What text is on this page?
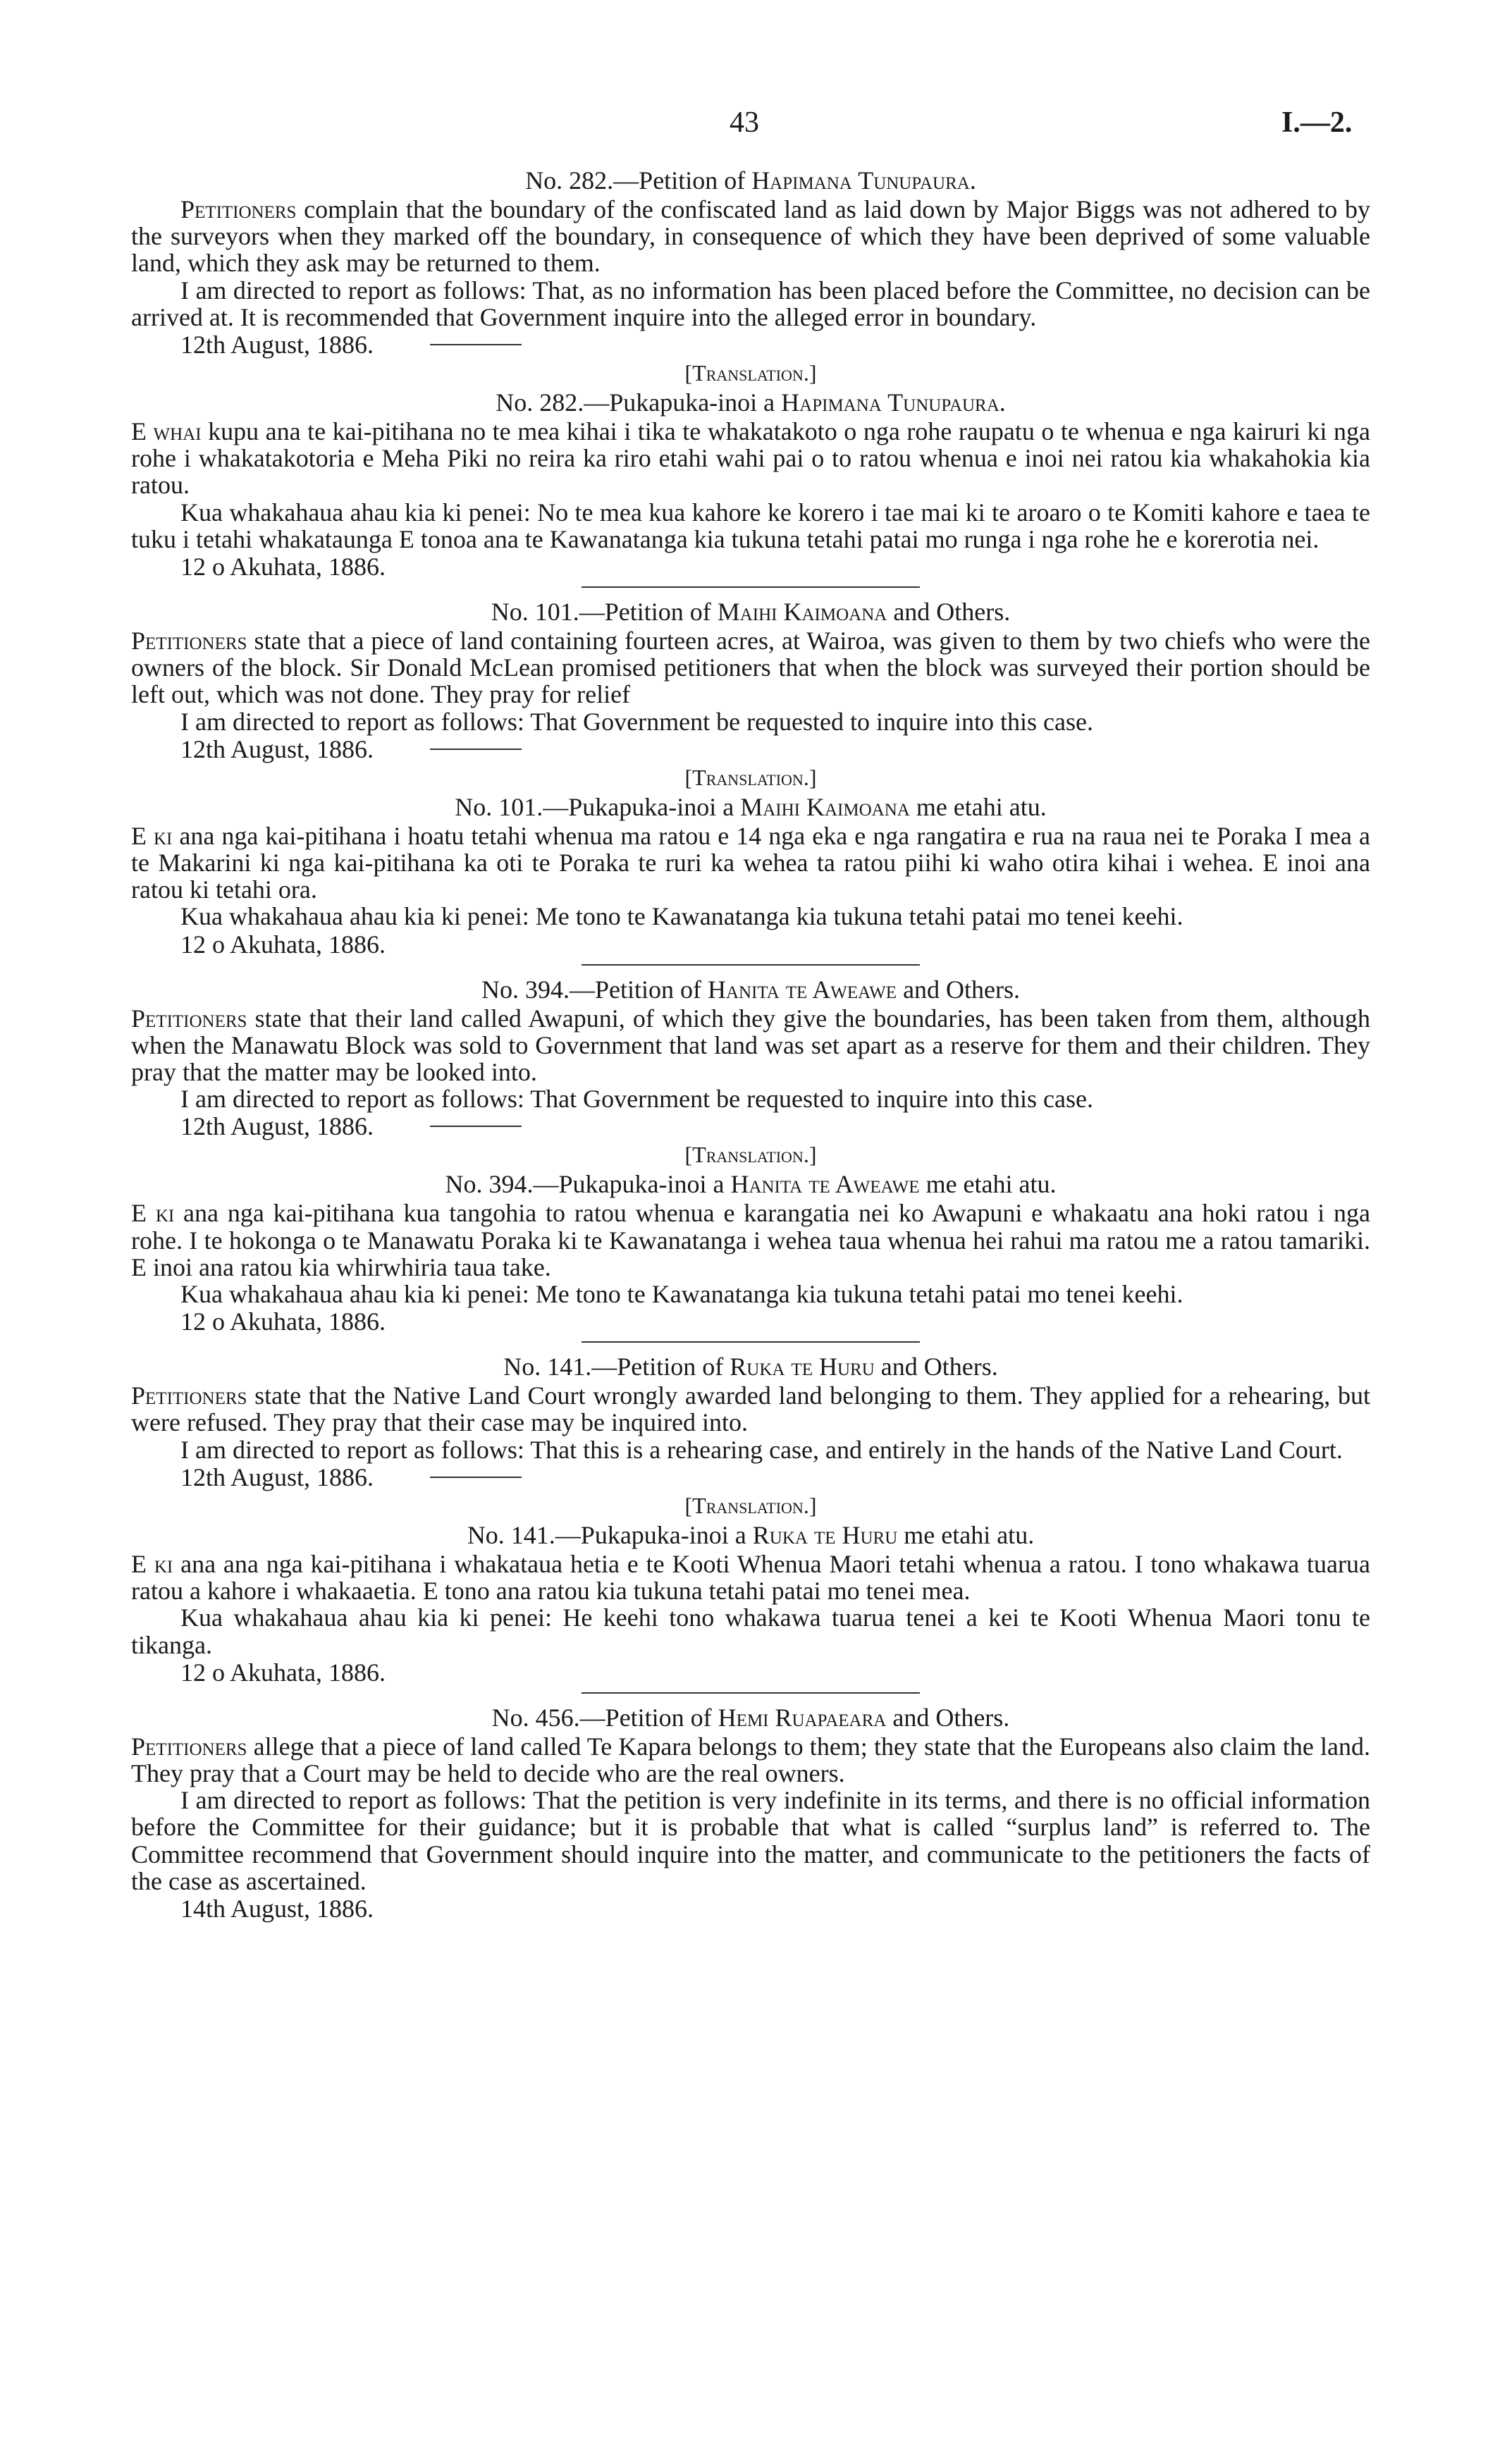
43	I.—2.

No. 282.—Petition of Hapimana Tunupaura.

Petitioners complain that the boundary of the confiscated land as laid down by Major Biggs was not adhered to by the surveyors when they marked off the boundary, in consequence of which they have been deprived of some valuable land, which they ask may be returned to them.

I am directed to report as follows: That, as no information has been placed before the Committee, no decision can be arrived at. It is recommended that Government inquire into the alleged error in boundary.

12th August, 1886.

[Translation.]

No. 282.—Pukapuka-inoi a Hapimana Tunupaura.

E whai kupu ana te kai-pitihana no te mea kihai i tika te whakatakoto o nga rohe raupatu o te whenua e nga kairuri ki nga rohe i whakatakotoria e Meha Piki no reira ka riro etahi wahi pai o to ratou whenua e inoi nei ratou kia whakahokia kia ratou.

Kua whakahaua ahau kia ki penei: No te mea kua kahore ke korero i tae mai ki te aroaro o te Komiti kahore e taea te tuku i tetahi whakataunga E tonoa ana te Kawanatanga kia tukuna tetahi patai mo runga i nga rohe he e korerotia nei.

12 o Akuhata, 1886.

No. 101.—Petition of Maihi Kaimoana and Others.

Petitioners state that a piece of land containing fourteen acres, at Wairoa, was given to them by two chiefs who were the owners of the block. Sir Donald McLean promised petitioners that when the block was surveyed their portion should be left out, which was not done. They pray for relief

I am directed to report as follows: That Government be requested to inquire into this case.

12th August, 1886.

[Translation.]

No. 101.—Pukapuka-inoi a Maihi Kaimoana me etahi atu.

E ki ana nga kai-pitihana i hoatu tetahi whenua ma ratou e 14 nga eka e nga rangatira e rua na raua nei te Poraka I mea a te Makarini ki nga kai-pitihana ka oti te Poraka te ruri ka wehea ta ratou piihi ki waho otira kihai i wehea. E inoi ana ratou ki tetahi ora.

Kua whakahaua ahau kia ki penei: Me tono te Kawanatanga kia tukuna tetahi patai mo tenei keehi.

12 o Akuhata, 1886.

No. 394.—Petition of Hanita te Aweawe and Others.

Petitioners state that their land called Awapuni, of which they give the boundaries, has been taken from them, although when the Manawatu Block was sold to Government that land was set apart as a reserve for them and their children. They pray that the matter may be looked into.

I am directed to report as follows: That Government be requested to inquire into this case.

12th August, 1886.

[Translation.]

No. 394.—Pukapuka-inoi a Hanita te Aweawe me etahi atu.

E ki ana nga kai-pitihana kua tangohia to ratou whenua e karangatia nei ko Awapuni e whakaatu ana hoki ratou i nga rohe. I te hokonga o te Manawatu Poraka ki te Kawanatanga i wehea taua whenua hei rahui ma ratou me a ratou tamariki. E inoi ana ratou kia whirwhiria taua take.

Kua whakahaua ahau kia ki penei: Me tono te Kawanatanga kia tukuna tetahi patai mo tenei keehi.

12 o Akuhata, 1886.

No. 141.—Petition of Ruka te Huru and Others.

Petitioners state that the Native Land Court wrongly awarded land belonging to them. They applied for a rehearing, but were refused. They pray that their case may be inquired into.

I am directed to report as follows: That this is a rehearing case, and entirely in the hands of the Native Land Court.

12th August, 1886.

[Translation.]

No. 141.—Pukapuka-inoi a Ruka te Huru me etahi atu.

E ki ana ana nga kai-pitihana i whakataua hetia e te Kooti Whenua Maori tetahi whenua a ratou. I tono whakawa tuarua ratou a kahore i whakaaetia. E tono ana ratou kia tukuna tetahi patai mo tenei mea.

Kua whakahaua ahau kia ki penei: He keehi tono whakawa tuarua tenei a kei te Kooti Whenua Maori tonu te tikanga.

12 o Akuhata, 1886.

No. 456.—Petition of Hemi Ruapaeara and Others.

Petitioners allege that a piece of land called Te Kapara belongs to them; they state that the Europeans also claim the land. They pray that a Court may be held to decide who are the real owners.

I am directed to report as follows: That the petition is very indefinite in its terms, and there is no official information before the Committee for their guidance; but it is probable that what is called “surplus land” is referred to. The Committee recommend that Government should inquire into the matter, and communicate to the petitioners the facts of the case as ascertained.

14th August, 1886.
